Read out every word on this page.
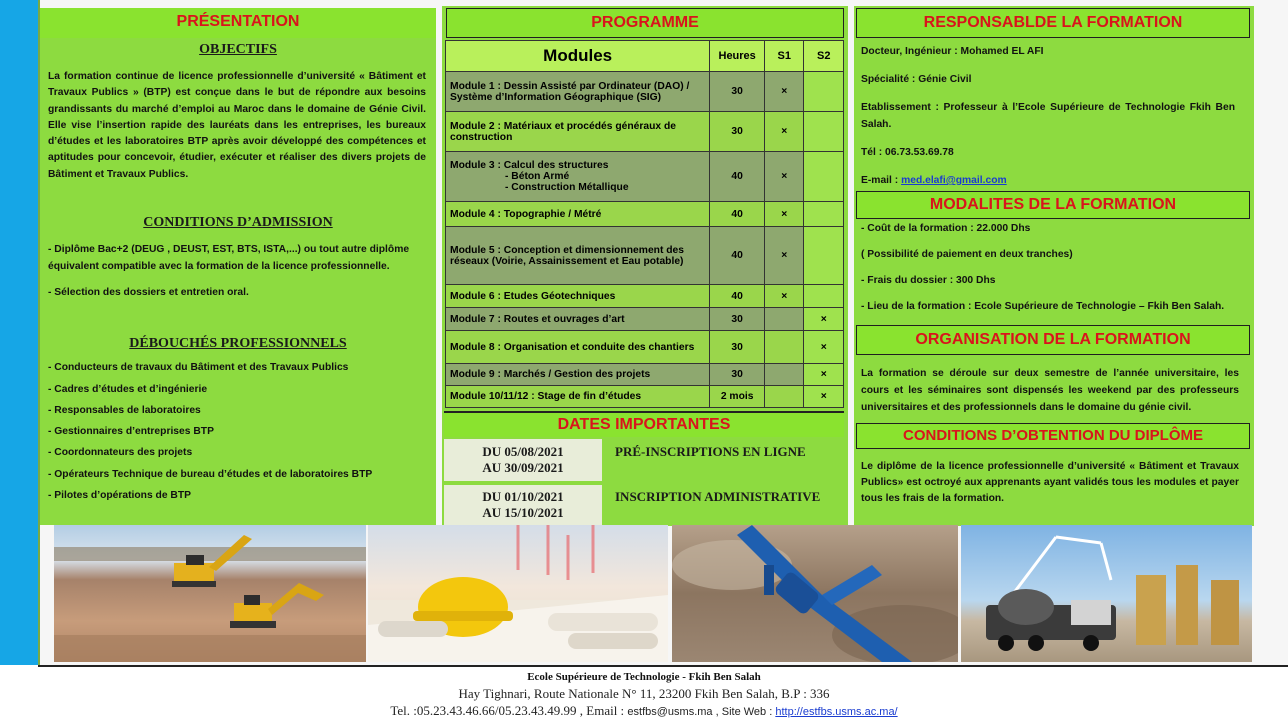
PRÉSENTATION
OBJECTIFS
La formation continue de licence professionnelle d’université « Bâtiment et Travaux Publics » (BTP) est conçue dans le but de répondre aux besoins grandissants du marché d’emploi au Maroc dans le domaine de Génie Civil. Elle vise l’insertion rapide des lauréats dans les entreprises, les bureaux d’études et les laboratoires BTP après avoir développé des compétences et aptitudes pour concevoir, étudier, exécuter et réaliser des divers projets de Bâtiment et Travaux Publics.
CONDITIONS D’ADMISSION
- Diplôme Bac+2 (DEUG , DEUST, EST, BTS, ISTA,...) ou tout autre diplôme équivalent compatible avec la formation de la licence professionnelle.
- Sélection des dossiers et entretien oral.
DÉBOUCHÉS PROFESSIONNELS
- Conducteurs de travaux du Bâtiment et des Travaux Publics
- Cadres d’études et d’ingénierie
- Responsables de laboratoires
- Gestionnaires d’entreprises BTP
- Coordonnateurs des projets
- Opérateurs Technique de bureau d’études et de laboratoires BTP
- Pilotes d’opérations de BTP
PROGRAMME
Modules	Heures	S1	S2
Module 1 : Dessin Assisté par Ordinateur (DAO) / Système d’Information Géographique (SIG)	30	×	
Module 2 : Matériaux et procédés généraux de construction	30	×	

Module 3 : Calcul des structures
- Béton Armé
- Construction Métallique	40	×	
Module 4 : Topographie / Métré	40	×	
Module 5 : Conception et dimensionnement des réseaux (Voirie, Assainissement et Eau potable)	40	×	
Module 6 : Etudes Géotechniques	40	×	
Module 7 : Routes et ouvrages d’art	30		×
Module 8 : Organisation et conduite des chantiers	30		×
Module 9 : Marchés / Gestion des projets	30		×
Module 10/11/12 : Stage de fin d’études	2 mois		×
DATES IMPORTANTES
DU 05/08/2021
AU 30/09/2021
PRÉ-INSCRIPTIONS EN LIGNE
DU 01/10/2021
AU 15/10/2021
INSCRIPTION ADMINISTRATIVE
RESPONSABLDE LA FORMATION
Docteur, Ingénieur : Mohamed EL AFI
Spécialité : Génie Civil
Etablissement : Professeur à l’Ecole Supérieure de Technologie Fkih Ben Salah.
Tél : 06.73.53.69.78
E-mail : med.elafi@gmail.com
MODALITES DE LA FORMATION
- Coût de la formation : 22.000 Dhs
( Possibilité de paiement en deux tranches)
- Frais du dossier : 300 Dhs
- Lieu de la formation : Ecole Supérieure de Technologie – Fkih Ben Salah.
ORGANISATION DE LA FORMATION
La formation se déroule sur deux semestre de l’année universitaire, les cours et les séminaires sont dispensés les weekend par des professeurs universitaires et des professionnels dans le domaine du génie civil.
CONDITIONS D’OBTENTION DU DIPLÔME
Le diplôme de la licence professionnelle d’université « Bâtiment et Travaux Publics» est octroyé aux apprenants ayant validés tous les modules et payer tous les frais de la formation.
Ecole Supérieure de Technologie - Fkih Ben Salah
Hay Tighnari, Route Nationale N° 11, 23200 Fkih Ben Salah, B.P : 336
Tel. :05.23.43.46.66/05.23.43.49.99 , Email : estfbs@usms.ma , Site Web : http://estfbs.usms.ac.ma/
